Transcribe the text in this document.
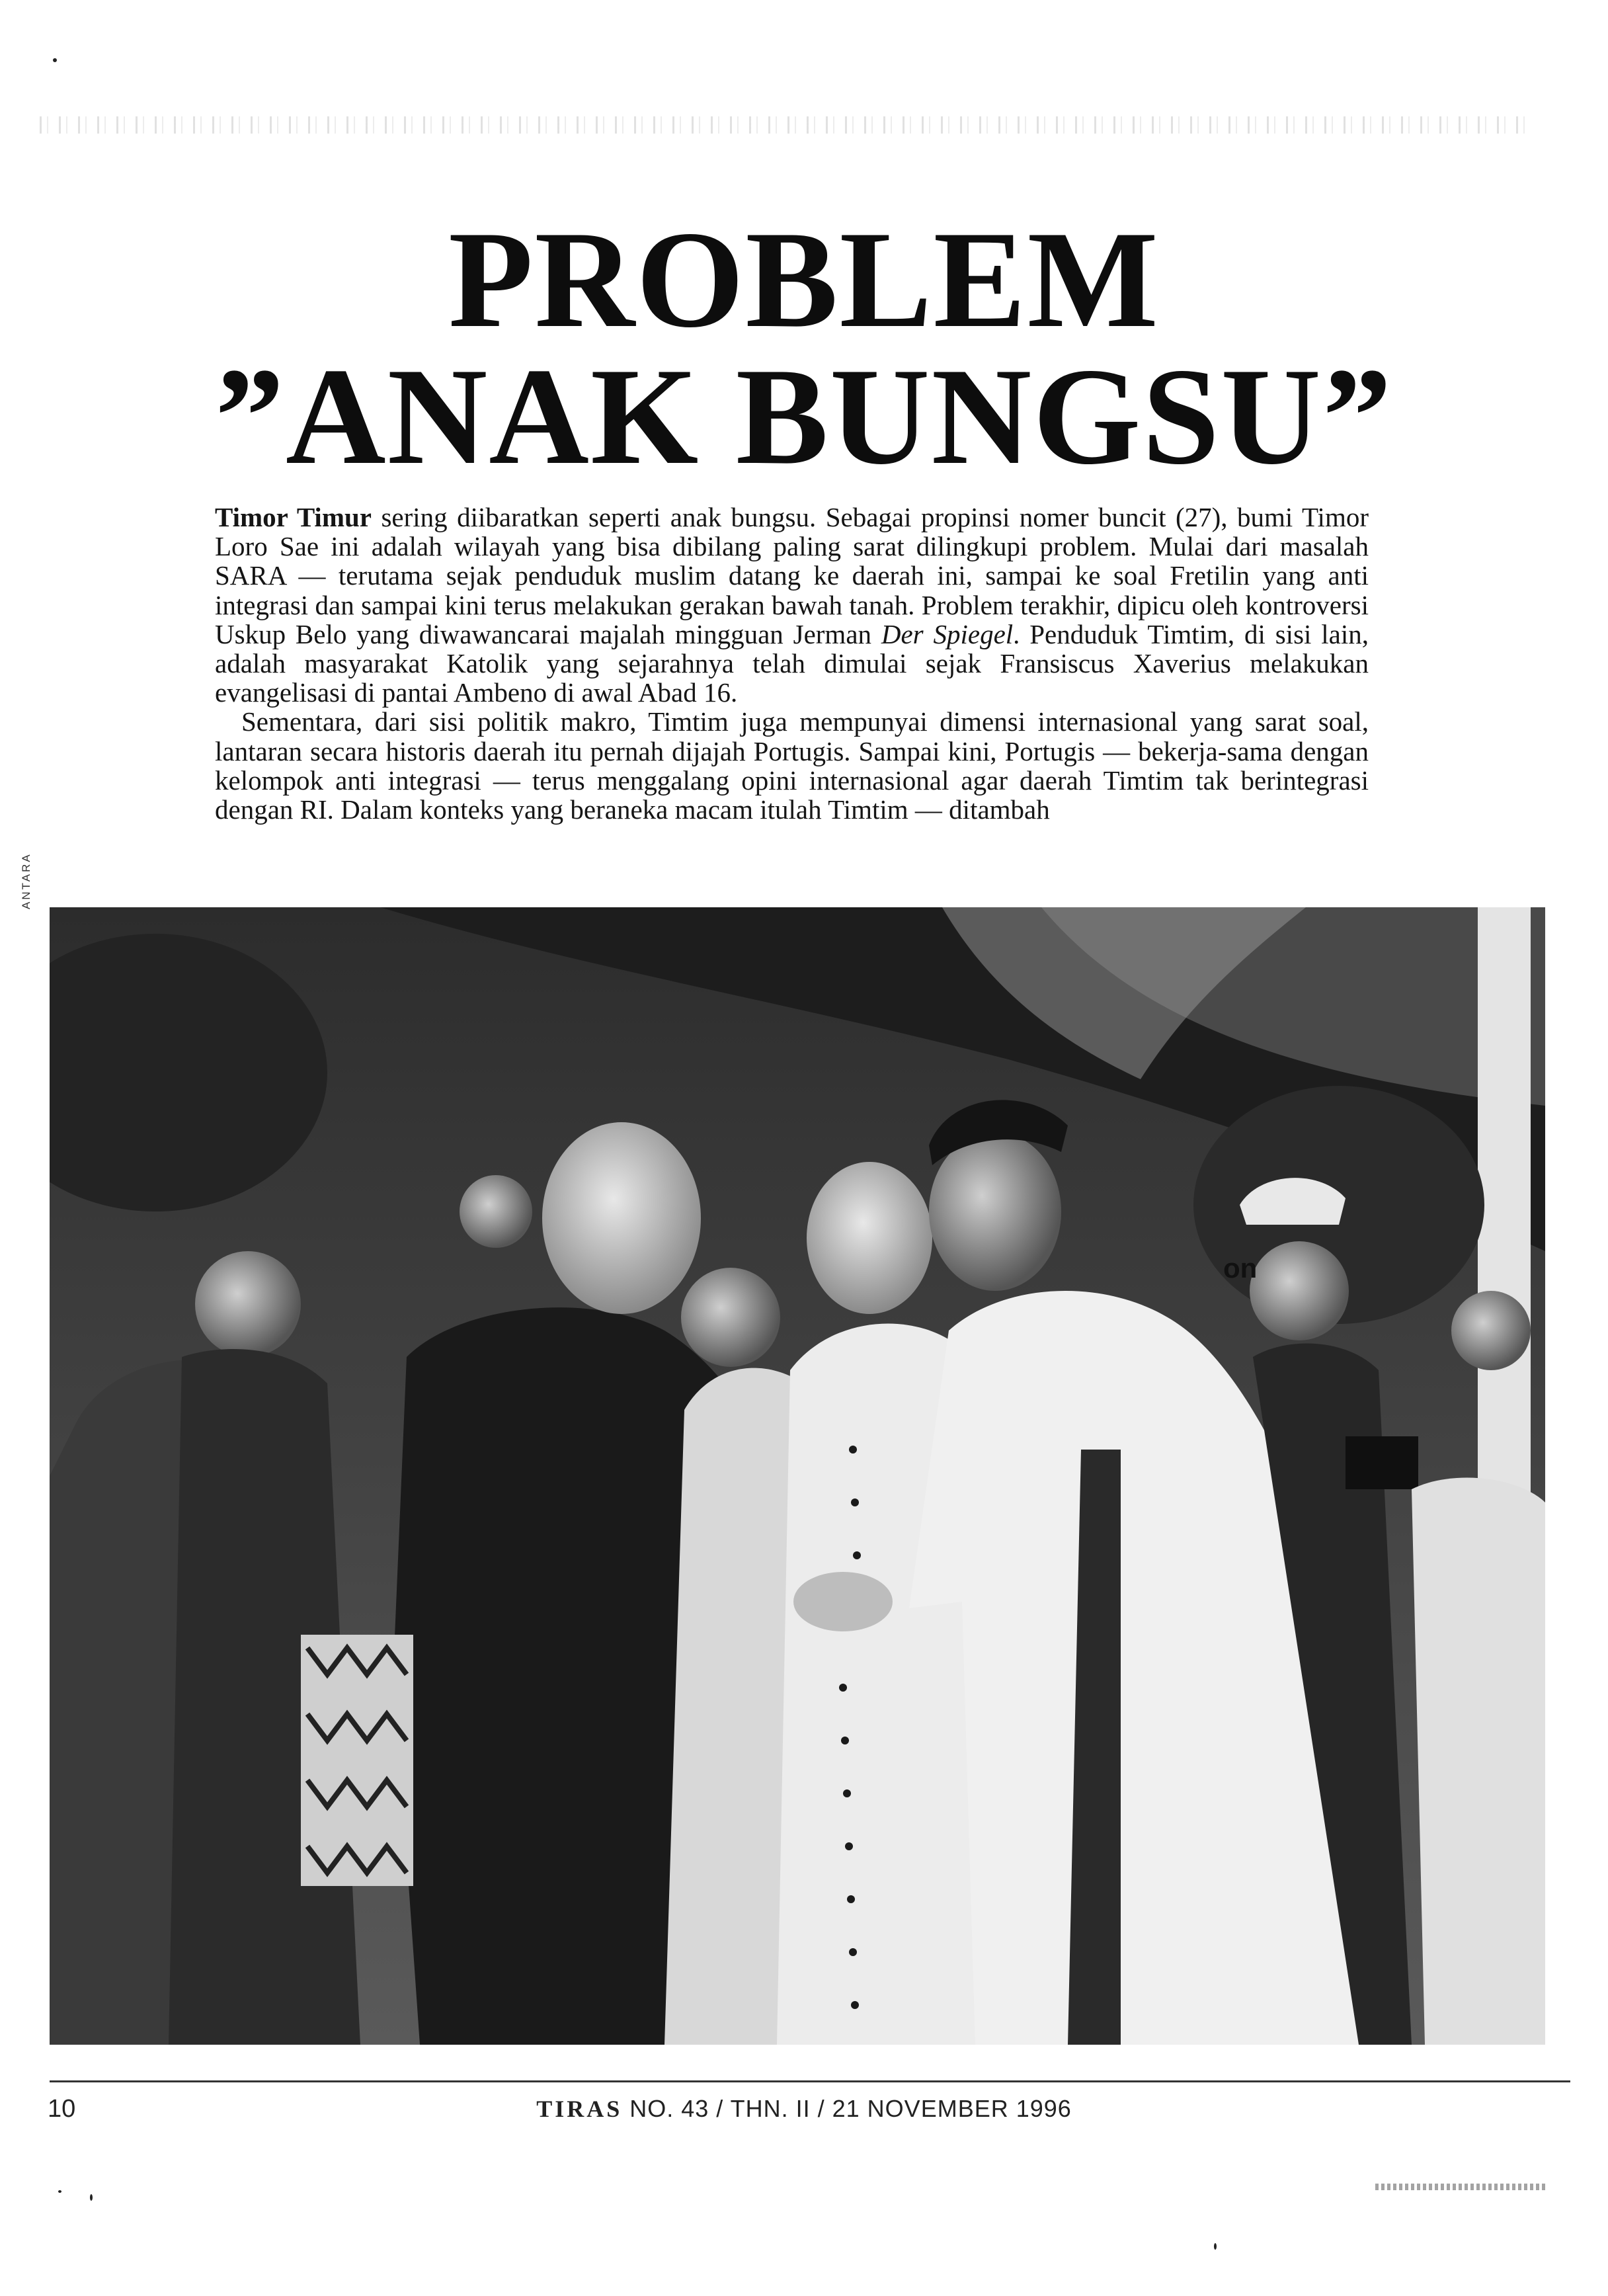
PROBLEM
”ANAK BUNGSU”

Timor Timur sering diibaratkan seperti anak bungsu. Sebagai propinsi nomer buncit (27), bumi Timor Loro Sae ini adalah wilayah yang bisa dibilang paling sarat dilingkupi problem. Mulai dari masalah SARA — terutama sejak penduduk muslim datang ke daerah ini, sampai ke soal Fretilin yang anti integrasi dan sampai kini terus melakukan gerakan bawah tanah. Problem terakhir, dipicu oleh kontroversi Uskup Belo yang diwawancarai majalah mingguan Jerman Der Spiegel. Penduduk Timtim, di sisi lain, adalah masyarakat Katolik yang sejarahnya telah dimulai sejak Fransiscus Xaverius melakukan evangelisasi di pantai Ambeno di awal Abad 16.

Sementara, dari sisi politik makro, Timtim juga mempunyai dimensi internasional yang sarat soal, lantaran secara historis daerah itu pernah dijajah Portugis. Sampai kini, Portugis — bekerja-sama dengan kelompok anti integrasi — terus menggalang opini internasional agar daerah Timtim tak berintegrasi dengan RI. Dalam konteks yang beraneka macam itulah Timtim — ditambah

ANTARA
on
10	TIRAS NO. 43 / THN. II / 21 NOVEMBER 1996
